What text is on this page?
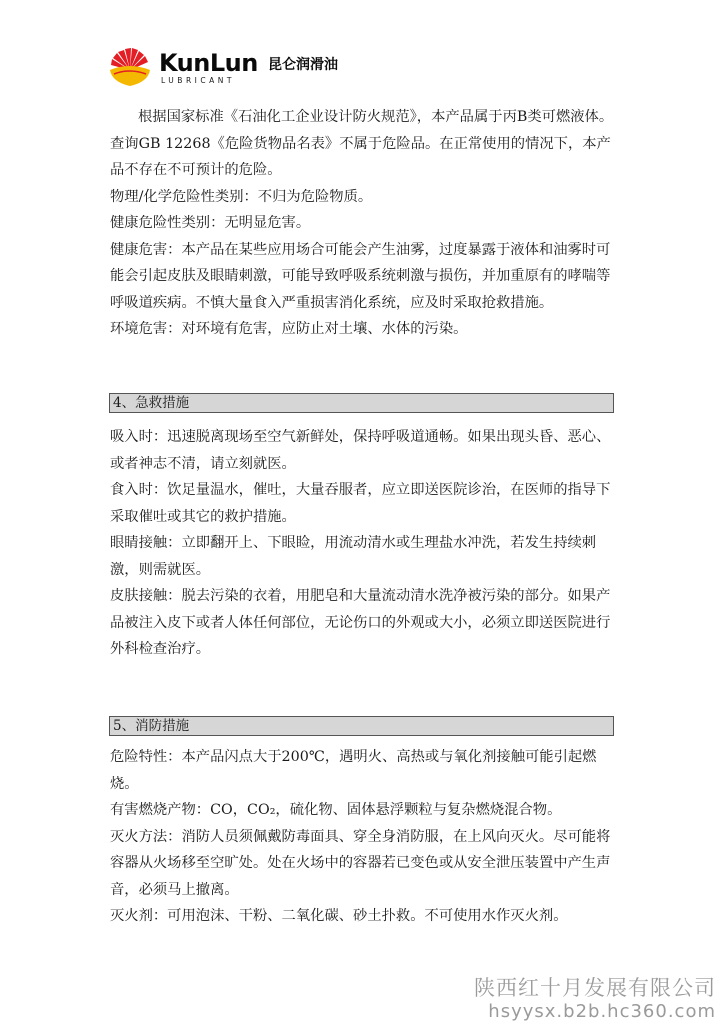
KunLun
LUBRICANT
昆仑润滑油

根据国家标准《石油化工企业设计防火规范》，本产品属于丙B类可燃液体。查询GB 12268《危险货物品名表》不属于危险品。在正常使用的情况下，本产品不存在不可预计的危险。

物理/化学危险性类别：不归为危险物质。

健康危险性类别：无明显危害。

健康危害：本产品在某些应用场合可能会产生油雾，过度暴露于液体和油雾时可能会引起皮肤及眼睛刺激，可能导致呼吸系统刺激与损伤，并加重原有的哮喘等呼吸道疾病。不慎大量食入严重损害消化系统，应及时采取抢救措施。

环境危害：对环境有危害，应防止对土壤、水体的污染。

4、急救措施

吸入时：迅速脱离现场至空气新鲜处，保持呼吸道通畅。如果出现头昏、恶心、或者神志不清，请立刻就医。

食入时：饮足量温水，催吐，大量吞服者，应立即送医院诊治，在医师的指导下采取催吐或其它的救护措施。

眼睛接触：立即翻开上、下眼睑，用流动清水或生理盐水冲洗，若发生持续刺激，则需就医。

皮肤接触：脱去污染的衣着，用肥皂和大量流动清水洗净被污染的部分。如果产品被注入皮下或者人体任何部位，无论伤口的外观或大小，必须立即送医院进行外科检查治疗。

5、消防措施

危险特性：本产品闪点大于200℃，遇明火、高热或与氧化剂接触可能引起燃烧。

有害燃烧产物：CO，CO₂，硫化物、固体悬浮颗粒与复杂燃烧混合物。

灭火方法：消防人员须佩戴防毒面具、穿全身消防服，在上风向灭火。尽可能将容器从火场移至空旷处。处在火场中的容器若已变色或从安全泄压装置中产生声音，必须马上撤离。

灭火剂：可用泡沫、干粉、二氧化碳、砂土扑救。不可使用水作灭火剂。

陕西红十月发展有限公司
hsyysx.b2b.hc360.com
